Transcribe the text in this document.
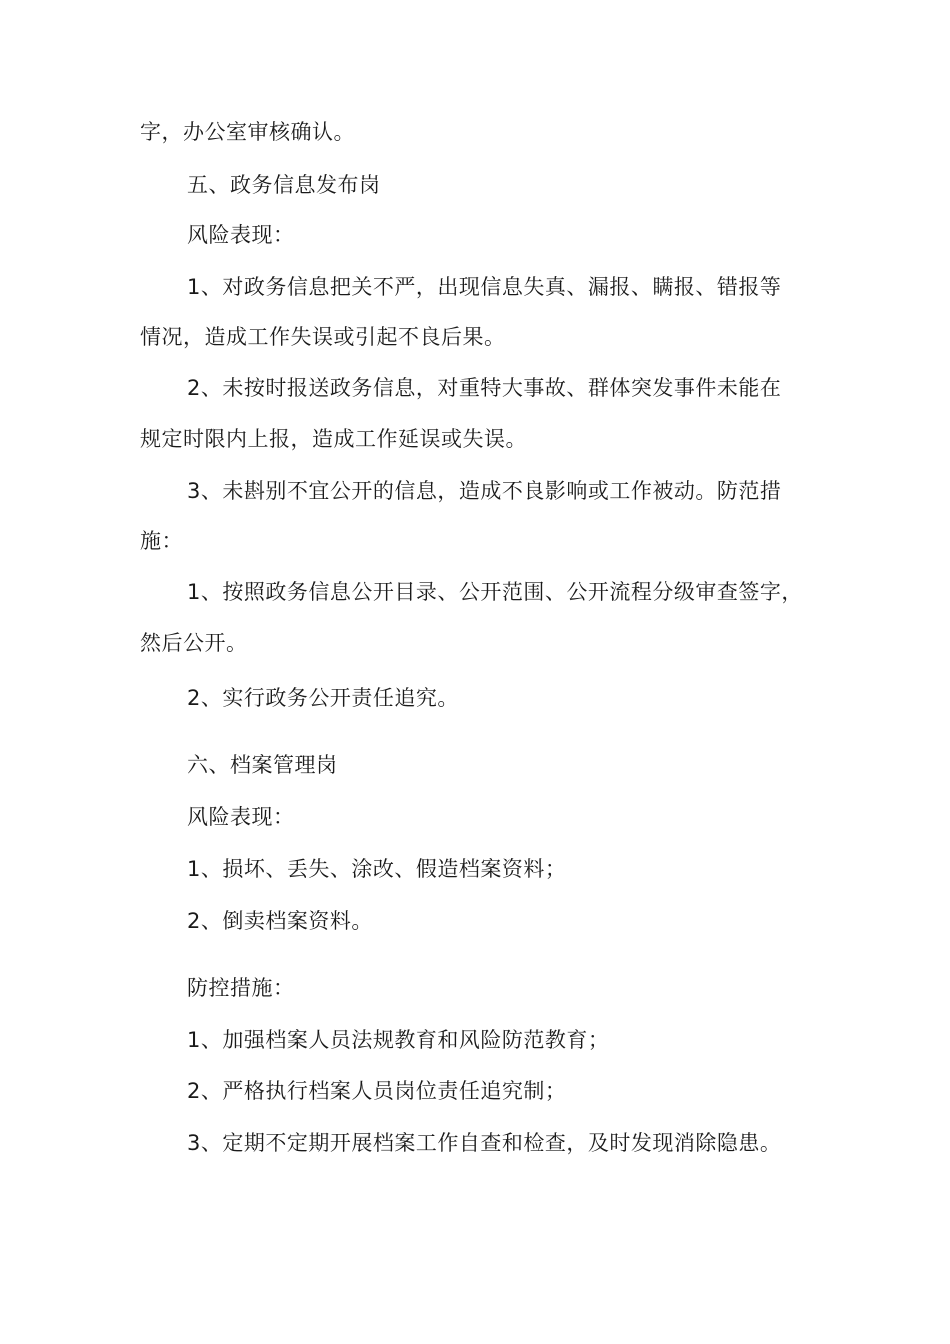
字，办公室审核确认。
五、政务信息发布岗
风险表现：
1、对政务信息把关不严，出现信息失真、漏报、瞒报、错报等
情况，造成工作失误或引起不良后果。
2、未按时报送政务信息，对重特大事故、群体突发事件未能在
规定时限内上报，造成工作延误或失误。
3、未斟别不宜公开的信息，造成不良影响或工作被动。防范措
施：
1、按照政务信息公开目录、公开范围、公开流程分级审查签字，
然后公开。
2、实行政务公开责任追究。
六、档案管理岗
风险表现：
1、损坏、丢失、涂改、假造档案资料；
2、倒卖档案资料。
防控措施：
1、加强档案人员法规教育和风险防范教育；
2、严格执行档案人员岗位责任追究制；
3、定期不定期开展档案工作自查和检查，及时发现消除隐患。
